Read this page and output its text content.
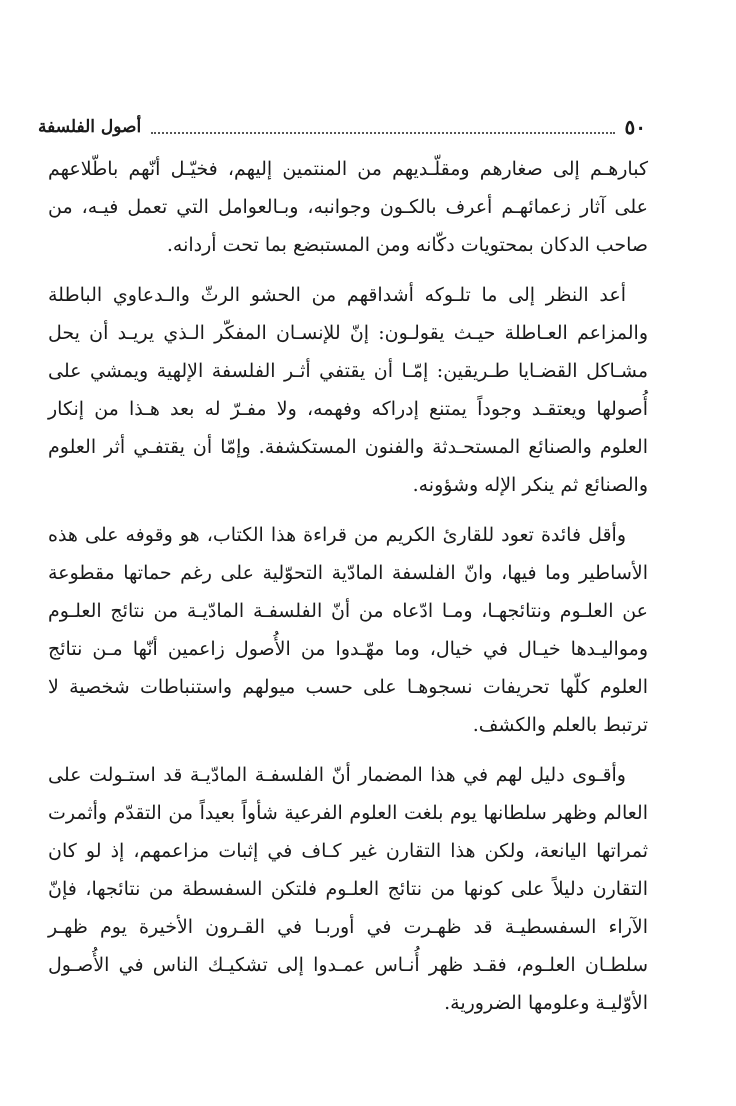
٥٠
أصول الفلسفة

كبارهـم إلى صغارهم ومقلّـديهم من المنتمين إليهم، فخيّـل أنّهم باطّلاعهم على آثار زعمائهـم أعرف بالكـون وجوانبه، وبـالعوامل التي تعمل فيـه، من صاحب الدكان بمحتويات دكّانه ومن المستبضع بما تحت أردانه.

أعد النظر إلى ما تلـوكه أشداقهم من الحشو الرثّ والـدعاوي الباطلة والمزاعم العـاطلة حيـث يقولـون: إنّ للإنسـان المفكّر الـذي يريـد أن يحل مشـاكل القضـايا طـريقين: إمّـا أن يقتفي أثـر الفلسفة الإلهية ويمشي على أُصولها ويعتقـد وجوداً يمتنع إدراكه وفهمه، ولا مفـرّ له بعد هـذا من إنكار العلوم والصنائع المستحـدثة والفنون المستكشفة. وإمّا أن يقتفـي أثر العلوم والصنائع ثم ينكر الإله وشؤونه.

وأقل فائدة تعود للقارئ الكريم من قراءة هذا الكتاب، هو وقوفه على هذه الأساطير وما فيها، وانّ الفلسفة المادّية التحوّلية على رغم حماتها مقطوعة عن العلـوم ونتائجهـا، ومـا ادّعاه من أنّ الفلسفـة المادّيـة من نتائج العلـوم ومواليـدها خيـال في خيال، وما مهّـدوا من الأُصول زاعمين أنّها مـن نتائج العلوم كلّها تحريفات نسجوهـا على حسب ميولهم واستنباطات شخصية لا ترتبط بالعلم والكشف.

وأقـوى دليل لهم في هذا المضمار أنّ الفلسفـة المادّيـة قد استـولت على العالم وظهر سلطانها يوم بلغت العلوم الفرعية شأواً بعيداً من التقدّم وأثمرت ثمراتها اليانعة، ولكن هذا التقارن غير كـاف في إثبات مزاعمهم، إذ لو كان التقارن دليلاً على كونها من نتائج العلـوم فلتكن السفسطة من نتائجها، فإنّ الآراء السفسطيـة قد ظهـرت في أوربـا في القـرون الأخيرة يوم ظهـر سلطـان العلـوم، فقـد ظهر أُنـاس عمـدوا إلى تشكيـك الناس في الأُصـول الأوّليـة وعلومها الضرورية.
